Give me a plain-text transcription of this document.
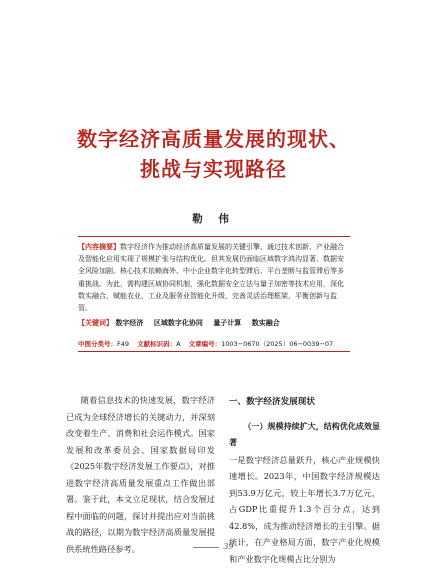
数字经济高质量发展的现状、
挑战与实现路径
勒 伟
【内容摘要】数字经济作为推动经济高质量发展的关键引擎，通过技术创新、产业融合及智能化应用实现了规模扩张与结构优化。但其发展仍面临区域数字鸿沟显著、数据安全风险加剧、核心技术依赖海外、中小企业数字化转型滞后、平台垄断与监管滞后等多重挑战。为此，需构建区域协同机制，强化数据安全立法与量子加密等技术应用，深化数实融合，赋能农业、工业及服务业智能化升级，完善灵活治理框架，平衡创新与监管。
【关键词】 数字经济 区域数字化协同 量子计算 数实融合
中图分类号：F49 文献标识码：A 文章编号：1003−0670（2025）06−0039−07
随着信息技术的快速发展，数字经济已成为全球经济增长的关键动力，并深刻改变着生产、消费和社会运作模式。国家发展和改革委员会、国家数据局印发《2025年数字经济发展工作要点》，对推进数字经济高质量发展重点工作做出部署。鉴于此，本文立足现状，结合发展过程中面临的问题，探讨并提出应对当前挑战的路径，以期为数字经济高质量发展提供系统性路径参考。
一、数字经济发展现状
（一）规模持续扩大，结构优化成效显著
一是数字经济总量跃升，核心产业规模快速增长。2023年，中国数字经济规模达到53.9万亿元，较上年增长3.7万亿元，占GDP比重提升1.3个百分点，达到42.8%，成为推动经济增长的主引擎。据统计，在产业格局方面，数字产业化规模和产业数字化规模占比分别为
39
